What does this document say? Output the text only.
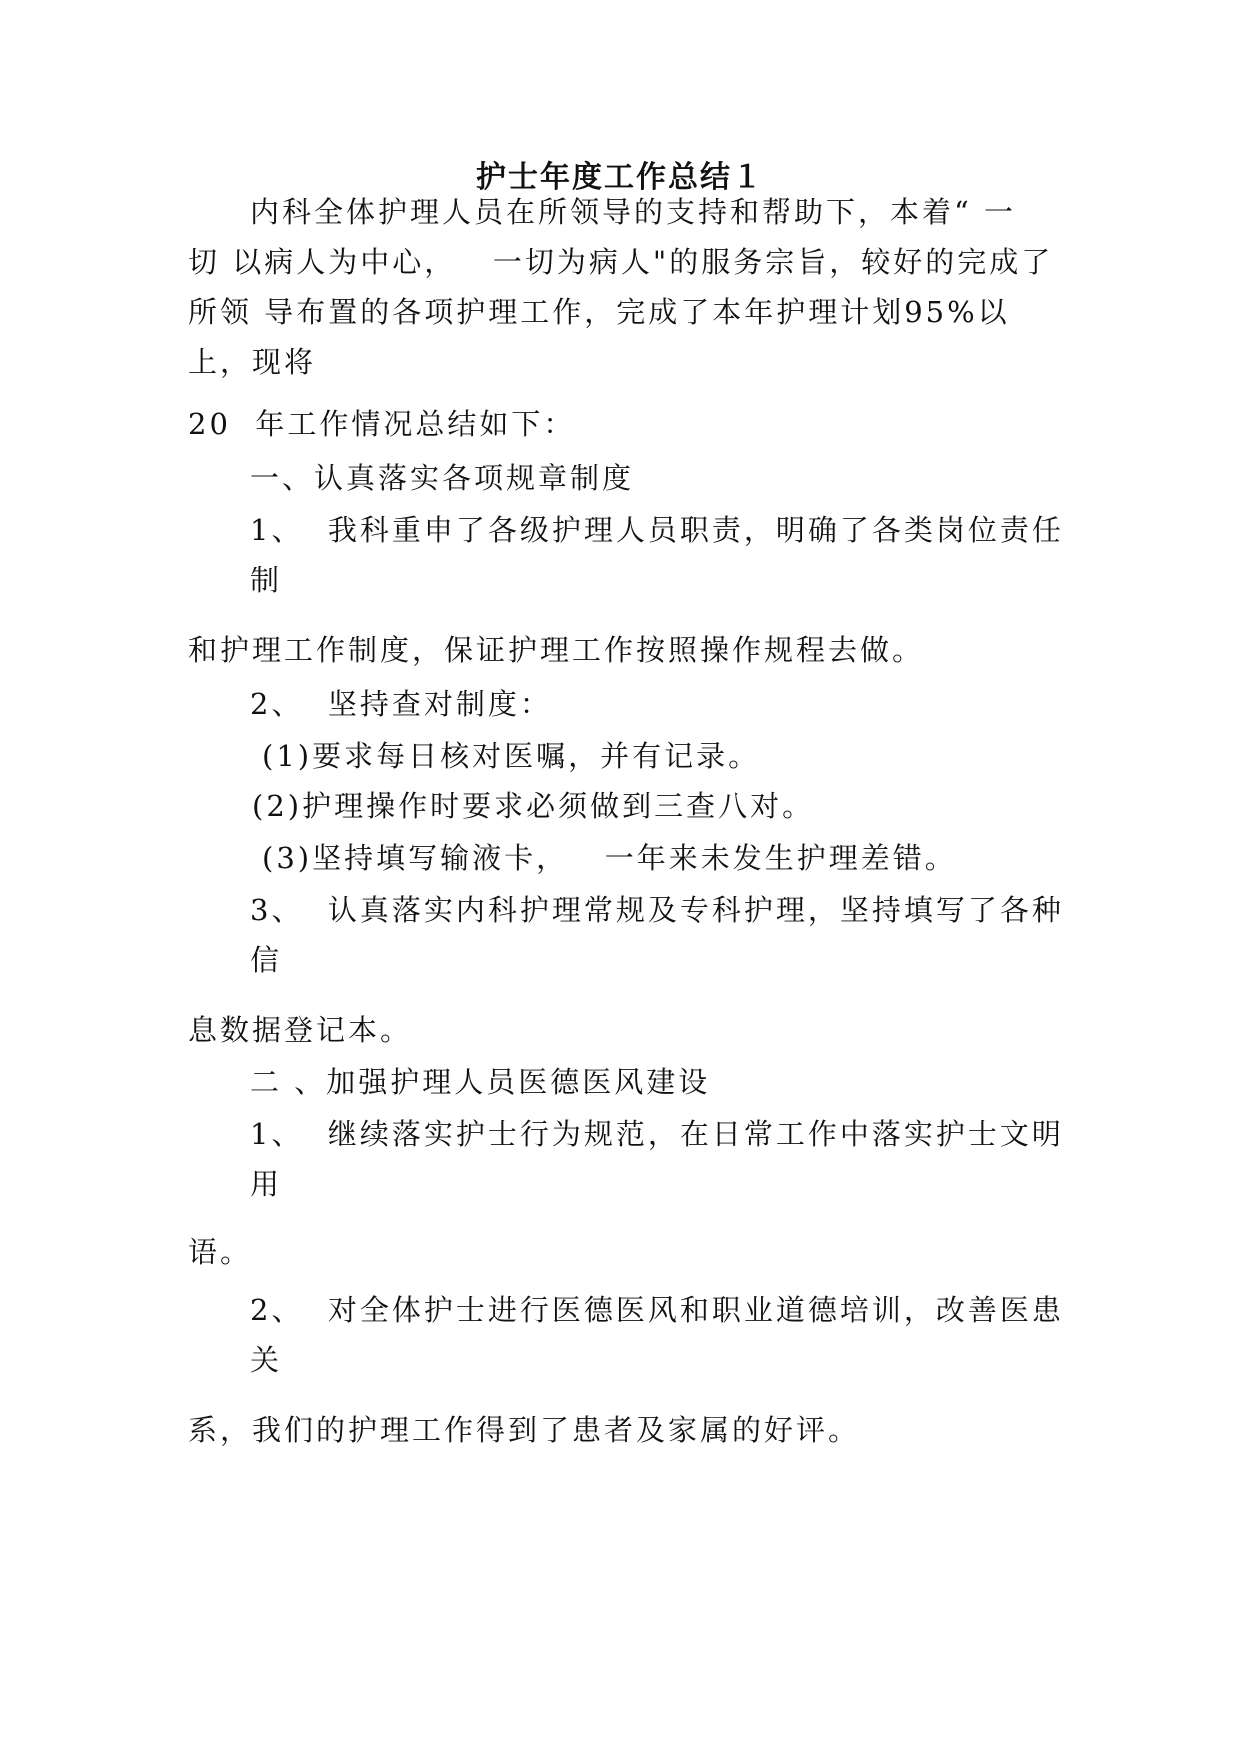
护士年度工作总结１
内科全体护理人员在所领导的支持和帮助下，本着“ 一
切 以病人为中心，   一切为病人"的服务宗旨，较好的完成了
所领 导布置的各项护理工作，完成了本年护理计划95%以
上，现将
20  年工作情况总结如下：
一、认真落实各项规章制度
1、  我科重申了各级护理人员职责，明确了各类岗位责任
制
和护理工作制度，保证护理工作按照操作规程去做。
2、  坚持查对制度：
(1)要求每日核对医嘱，并有记录。
(2)护理操作时要求必须做到三查八对。
(3)坚持填写输液卡，   一年来未发生护理差错。
3、  认真落实内科护理常规及专科护理，坚持填写了各种
信
息数据登记本。
二 、加强护理人员医德医风建设
1、  继续落实护士行为规范，在日常工作中落实护士文明
用
语。
2、  对全体护士进行医德医风和职业道德培训，改善医患
关
系，我们的护理工作得到了患者及家属的好评。
